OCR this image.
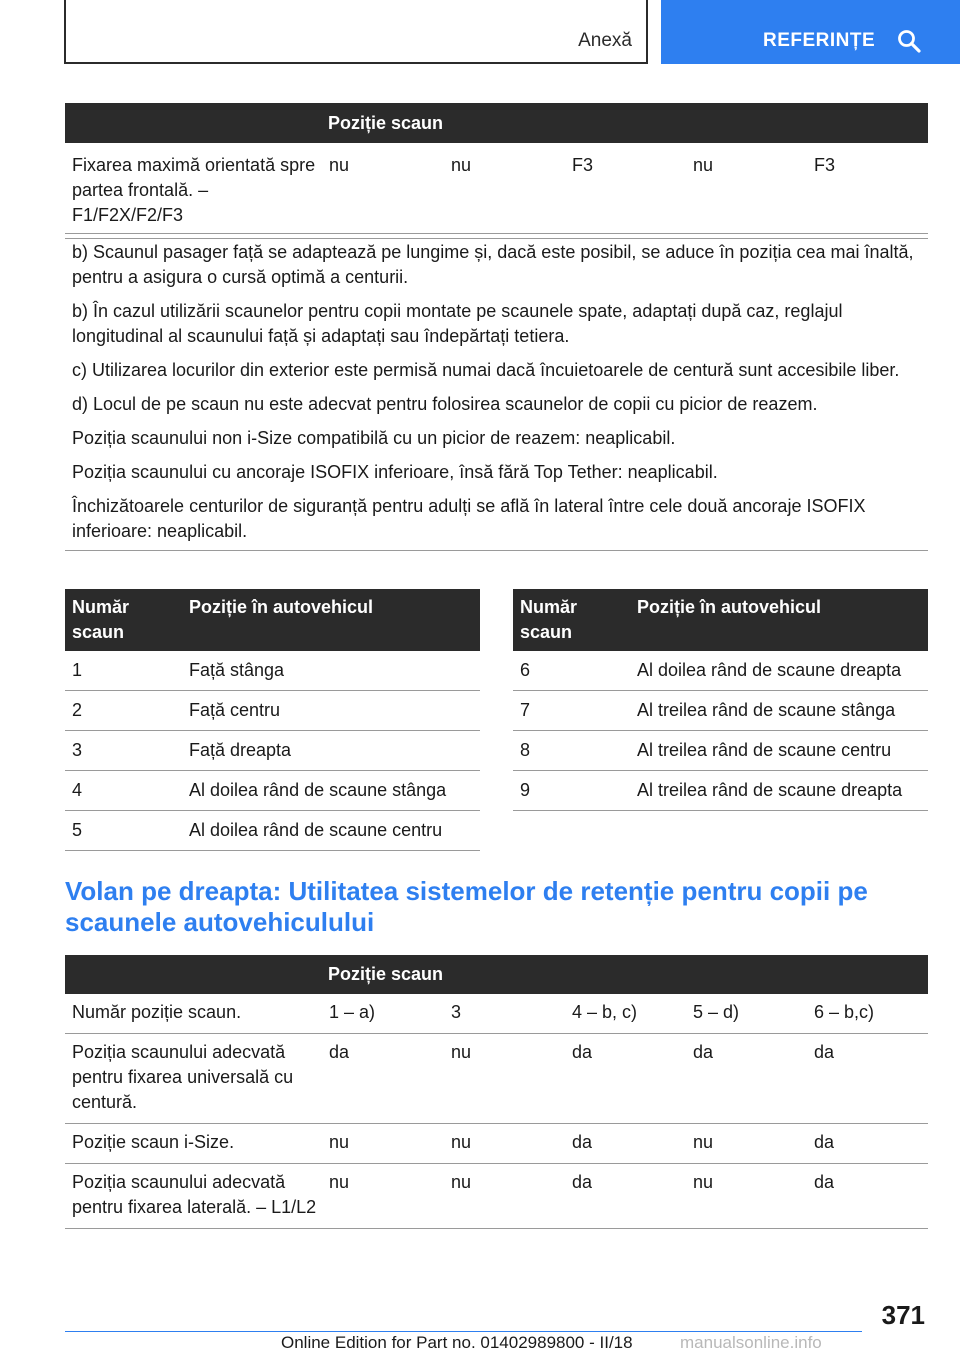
Anexă	REFERINȚE
Poziție scaun
Fixarea maximă orientată spre partea frontală. – F1/F2X/F2/F3	nu	nu	F3	nu	F3

b) Scaunul pasager față se adaptează pe lungime și, dacă este posibil, se aduce în poziția cea mai înaltă, pentru a asigura o cursă optimă a centurii.

b) În cazul utilizării scaunelor pentru copii montate pe scaunele spate, adaptați după caz, reglajul longitudinal al scaunului față și adaptați sau îndepărtați tetiera.

c) Utilizarea locurilor din exterior este permisă numai dacă încuietoarele de centură sunt accesibile liber.

d) Locul de pe scaun nu este adecvat pentru folosirea scaunelor de copii cu picior de reazem.

Poziția scaunului non i-Size compatibilă cu un picior de reazem: neaplicabil.

Poziția scaunului cu ancoraje ISOFIX inferioare, însă fără Top Tether: neaplicabil.

Închizătoarele centurilor de siguranță pentru adulți se află în lateral între cele două ancoraje ISOFIX inferioare: neaplicabil.

Număr scaun	Poziție în autovehicul
1	Față stânga
2	Față centru
3	Față dreapta
4	Al doilea rând de scaune stânga
5	Al doilea rând de scaune centru
Număr scaun	Poziție în autovehicul
6	Al doilea rând de scaune dreapta
7	Al treilea rând de scaune stânga
8	Al treilea rând de scaune centru
9	Al treilea rând de scaune dreapta
Volan pe dreapta: Utilitatea sistemelor de retenție pentru copii pe scaunele autovehiculului
Poziție scaun					
Număr poziție scaun.	1 – a)	3	4 – b, c)	5 – d)	6 – b,c)
Poziția scaunului adecvată pentru fixarea universală cu centură.	da	nu	da	da	da
Poziție scaun i-Size.	nu	nu	da	nu	da
Poziția scaunului adecvată pentru fixarea laterală. – L1/L2	nu	nu	da	nu	da
371
Online Edition for Part no. 01402989800 - II/18	manualsonline.info
